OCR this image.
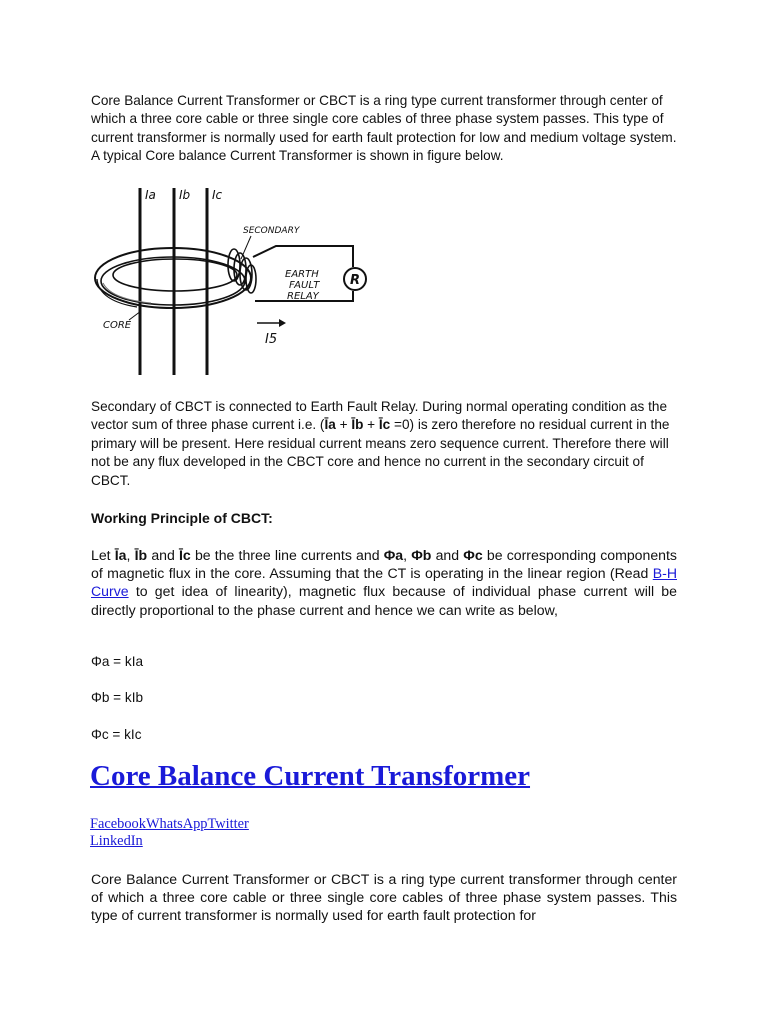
Core Balance Current Transformer or CBCT is a ring type current transformer through center of which a three core cable or three single core cables of three phase system passes. This type of current transformer is normally used for earth fault protection for low and medium voltage system. A typical Core balance Current Transformer is shown in figure below.

R
Ia Ib Ic
SECONDARY
EARTH
FAULT
RELAY
CORE
I5

Secondary of CBCT is connected to Earth Fault Relay. During normal operating condition as the vector sum of three phase current i.e. (Īa + Īb + Īc =0) is zero therefore no residual current in the primary will be present. Here residual current means zero sequence current. Therefore there will not be any flux developed in the CBCT core and hence no current in the secondary circuit of CBCT.

Working Principle of CBCT:

Let Īa, Īb and Īc be the three line currents and Φa, Φb and Φc be corresponding components of magnetic flux in the core. Assuming that the CT is operating in the linear region (Read B-H Curve to get idea of linearity), magnetic flux because of individual phase current will be directly proportional to the phase current and hence we can write as below,

Φa = kIa

Φb = kIb

Φc = kIc

Core Balance Current Transformer
FacebookWhatsAppTwitter
LinkedIn

Core Balance Current Transformer or CBCT is a ring type current transformer through center of which a three core cable or three single core cables of three phase system passes. This type of current transformer is normally used for earth fault protection for
